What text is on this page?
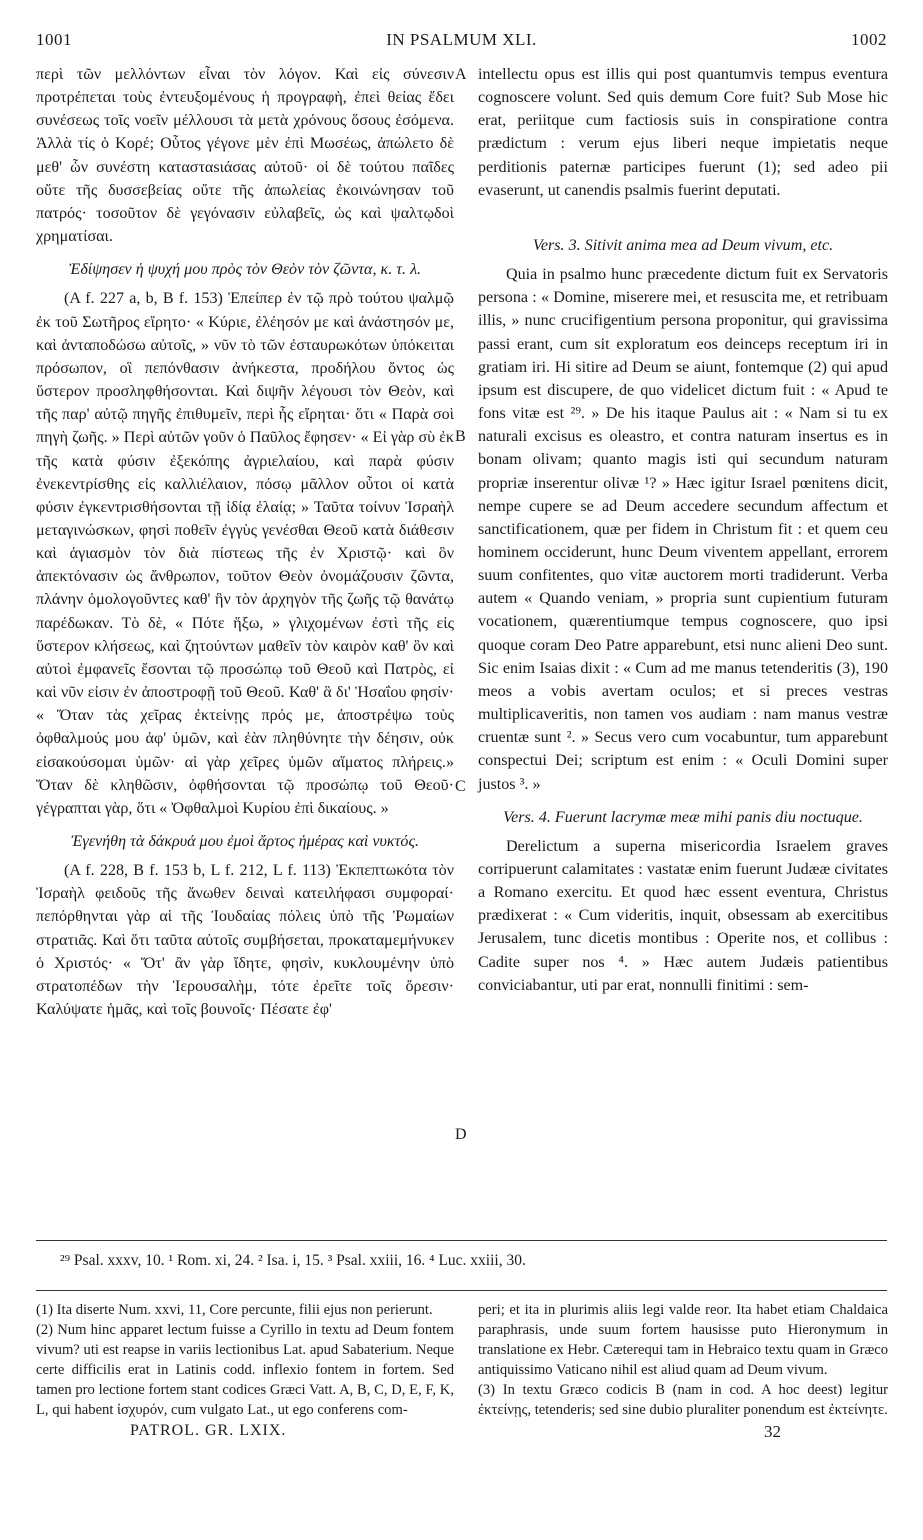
1001	IN PSALMUM XLI.	1002

περὶ τῶν μελλόντων εἶναι τὸν λόγον. Καὶ εἰς σύνεσιν προτρέπεται τοὺς ἐντευξομένους ἡ προγραφὴ, ἐπεὶ θείας ἔδει συνέσεως τοῖς νοεῖν μέλλουσι τὰ μετὰ χρόνους ὅσους ἐσόμενα. Ἀλλὰ τίς ὁ Κορέ; Οὗτος γέγονε μὲν ἐπὶ Μωσέως, ἀπώλετο δὲ μεθ' ὧν συνέστη κατασταsιάσας αὐτοῦ· οἱ δὲ τούτου παῖδες οὔτε τῆς δυσσεβείας οὔτε τῆς ἀπωλείας ἐκοινώνησαν τοῦ πατρός· τοσοῦτον δὲ γεγόνασιν εὐλαβεῖς, ὡς καὶ ψαλτῳδοὶ χρηματίσαι.

Ἐδίψησεν ἡ ψυχή μου πρὸς τὸν Θεὸν τὸν ζῶντα, κ. τ. λ.

(A f. 227 a, b, B f. 153) Ἐπείπερ ἐν τῷ πρὸ τούτου ψαλμῷ ἐκ τοῦ Σωτῆρος εἴρητο· « Κύριε, ἐλέησόν με καὶ ἀνάστησόν με, καὶ ἀνταποδώσω αὐτοῖς, » νῦν τὸ τῶν ἐσταυρωκότων ὑπόκειται πρόσωπον, οἳ πεπόνθασιν ἀνήκεστα, προδήλου ὄντος ὡς ὕστερον προσληφθήσονται. Καὶ διψῆν λέγουσι τὸν Θεὸν, καὶ τῆς παρ' αὐτῷ πηγῆς ἐπιθυμεῖν, περὶ ἧς εἴρηται· ὅτι « Παρὰ σοὶ πηγὴ ζωῆς. » Περὶ αὐτῶν γοῦν ὁ Παῦλος ἔφησεν· « Εἰ γὰρ σὺ ἐκ τῆς κατὰ φύσιν ἐξεκόπης ἀγριελαίου, καὶ παρὰ φύσιν ἐνεκεντρίσθης εἰς καλλιέλαιον, πόσῳ μᾶλλον οὗτοι οἱ κατὰ φύσιν ἐγκεντρισθήσονται τῇ ἰδίᾳ ἐλαίᾳ; » Ταῦτα τοίνυν Ἰσραὴλ μεταγινώσκων, φησὶ ποθεῖν ἐγγὺς γενέσθαι Θεοῦ κατὰ διάθεσιν καὶ ἁγιασμὸν τὸν διὰ πίστεως τῆς ἐν Χριστῷ· καὶ ὃν ἀπεκτόνασιν ὡς ἄνθρωπον, τοῦτον Θεὸν ὀνομάζουσιν ζῶντα, πλάνην ὁμολογοῦντες καθ' ἣν τὸν ἀρχηγὸν τῆς ζωῆς τῷ θανάτῳ παρέδωκαν. Τὸ δὲ, « Πότε ἥξω, » γλιχομένων ἐστὶ τῆς εἰς ὕστερον κλήσεως, καὶ ζητούντων μαθεῖν τὸν καιρὸν καθ' ὃν καὶ αὐτοὶ ἐμφανεῖς ἔσονται τῷ προσώπῳ τοῦ Θεοῦ καὶ Πατρὸς, εἰ καὶ νῦν εἰσιν ἐν ἀποστροφῇ τοῦ Θεοῦ. Καθ' ἃ δι' Ἡσαΐου φησίν· « Ὅταν τὰς χεῖρας ἐκτείνῃς πρός με, ἀποστρέψω τοὺς ὀφθαλμούς μου ἀφ' ὑμῶν, καὶ ἐὰν πληθύνητε τὴν δέησιν, οὐκ εἰσακούσομαι ὑμῶν· αἱ γὰρ χεῖρες ὑμῶν αἵματος πλήρεις.» Ὅταν δὲ κληθῶσιν, ὀφθήσονται τῷ προσώπῳ τοῦ Θεοῦ· γέγραπται γὰρ, ὅτι « Ὀφθαλμοὶ Κυρίου ἐπὶ δικαίους. »

Ἐγενήθη τὰ δάκρυά μου ἐμοὶ ἄρτος ἡμέρας καὶ νυκτός.

(A f. 228, B f. 153 b, L f. 212, L f. 113) Ἐκπεπτωκότα τὸν Ἰσραὴλ φειδοῦς τῆς ἄνωθεν δειναὶ κατειλήφασι συμφοραί· πεπόρθηνται γὰρ αἱ τῆς Ἰουδαίας πόλεις ὑπὸ τῆς Ῥωμαίων στρατιᾶς. Καὶ ὅτι ταῦτα αὐτοῖς συμβήσεται, προκαταμεμήνυκεν ὁ Χριστός· « Ὅτ' ἂν γὰρ ἴδητε, φησὶν, κυκλουμένην ὑπὸ στρατοπέδων τὴν Ἱερουσαλὴμ, τότε ἐρεῖτε τοῖς ὄρεσιν· Καλύψατε ἡμᾶς, καὶ τοῖς βουνοῖς· Πέσατε ἐφ'

A
B
C
D

intellectu opus est illis qui post quantumvis tempus eventura cognoscere volunt. Sed quis demum Core fuit? Sub Mose hic erat, periitque cum factiosis suis in conspiratione contra prædictum : verum ejus liberi neque impietatis neque perditionis paternæ participes fuerunt (1); sed adeo pii evaserunt, ut canendis psalmis fuerint deputati.

Vers. 3. Sitivit anima mea ad Deum vivum, etc.

Quia in psalmo hunc præcedente dictum fuit ex Servatoris persona : « Domine, miserere mei, et resuscita me, et retribuam illis, » nunc crucifigentium persona proponitur, qui gravissima passi erant, cum sit exploratum eos deinceps receptum iri in gratiam iri. Hi sitire ad Deum se aiunt, fontemque (2) qui apud ipsum est discupere, de quo videlicet dictum fuit : « Apud te fons vitæ est ²⁹. » De his itaque Paulus ait : « Nam si tu ex naturali excisus es oleastro, et contra naturam insertus es in bonam olivam; quanto magis isti qui secundum naturam propriæ inserentur olivæ ¹? » Hæc igitur Israel pœnitens dicit, nempe cupere se ad Deum accedere secundum affectum et sanctificationem, quæ per fidem in Christum fit : et quem ceu hominem occiderunt, hunc Deum viventem appellant, errorem suum confitentes, quo vitæ auctorem morti tradiderunt. Verba autem « Quando veniam, » propria sunt cupientium futuram vocationem, quærentiumque tempus cognoscere, quo ipsi quoque coram Deo Patre apparebunt, etsi nunc alieni Deo sunt. Sic enim Isaias dixit : « Cum ad me manus tetenderitis (3), 190 meos a vobis avertam oculos; et si preces vestras multiplicaveritis, non tamen vos audiam : nam manus vestræ cruentæ sunt ². » Secus vero cum vocabuntur, tum apparebunt conspectui Dei; scriptum est enim : « Oculi Domini super justos ³. »

Vers. 4. Fuerunt lacrymæ meæ mihi panis diu noctuque.

Derelictum a superna misericordia Israelem graves corripuerunt calamitates : vastatæ enim fuerunt Judææ civitates a Romano exercitu. Et quod hæc essent eventura, Christus prædixerat : « Cum videritis, inquit, obsessam ab exercitibus Jerusalem, tunc dicetis montibus : Operite nos, et collibus : Cadite super nos ⁴. » Hæc autem Judæis patientibus conviciabantur, uti par erat, nonnulli finitimi : sem-

²⁹ Psal. xxxv, 10. ¹ Rom. xi, 24. ² Isa. i, 15. ³ Psal. xxiii, 16. ⁴ Luc. xxiii, 30.

(1) Ita diserte Num. xxvi, 11, Core percunte, filii ejus non perierunt.

(2) Num hinc apparet lectum fuisse a Cyrillo in textu ad Deum fontem vivum? uti est reapse in variis lectionibus Lat. apud Sabaterium. Neque certe difficilis erat in Latinis codd. inflexio fontem in fortem. Sed tamen pro lectione fortem stant codices Græci Vatt. A, B, C, D, E, F, K, L, qui habent ἰσχυρόν, cum vulgato Lat., ut ego conferens com-

peri; et ita in plurimis aliis legi valde reor. Ita habet etiam Chaldaica paraphrasis, unde suum fortem hausisse puto Hieronymum in translatione ex Hebr. Cæterequi tam in Hebraico textu quam in Græco antiquissimo Vaticano nihil est aliud quam ad Deum vivum.

(3) In textu Græco codicis B (nam in cod. A hoc deest) legitur ἐκτείνῃς, tetenderis; sed sine dubio pluraliter ponendum est ἐκτείνητε.

PATROL. GR. LXIX.	32
